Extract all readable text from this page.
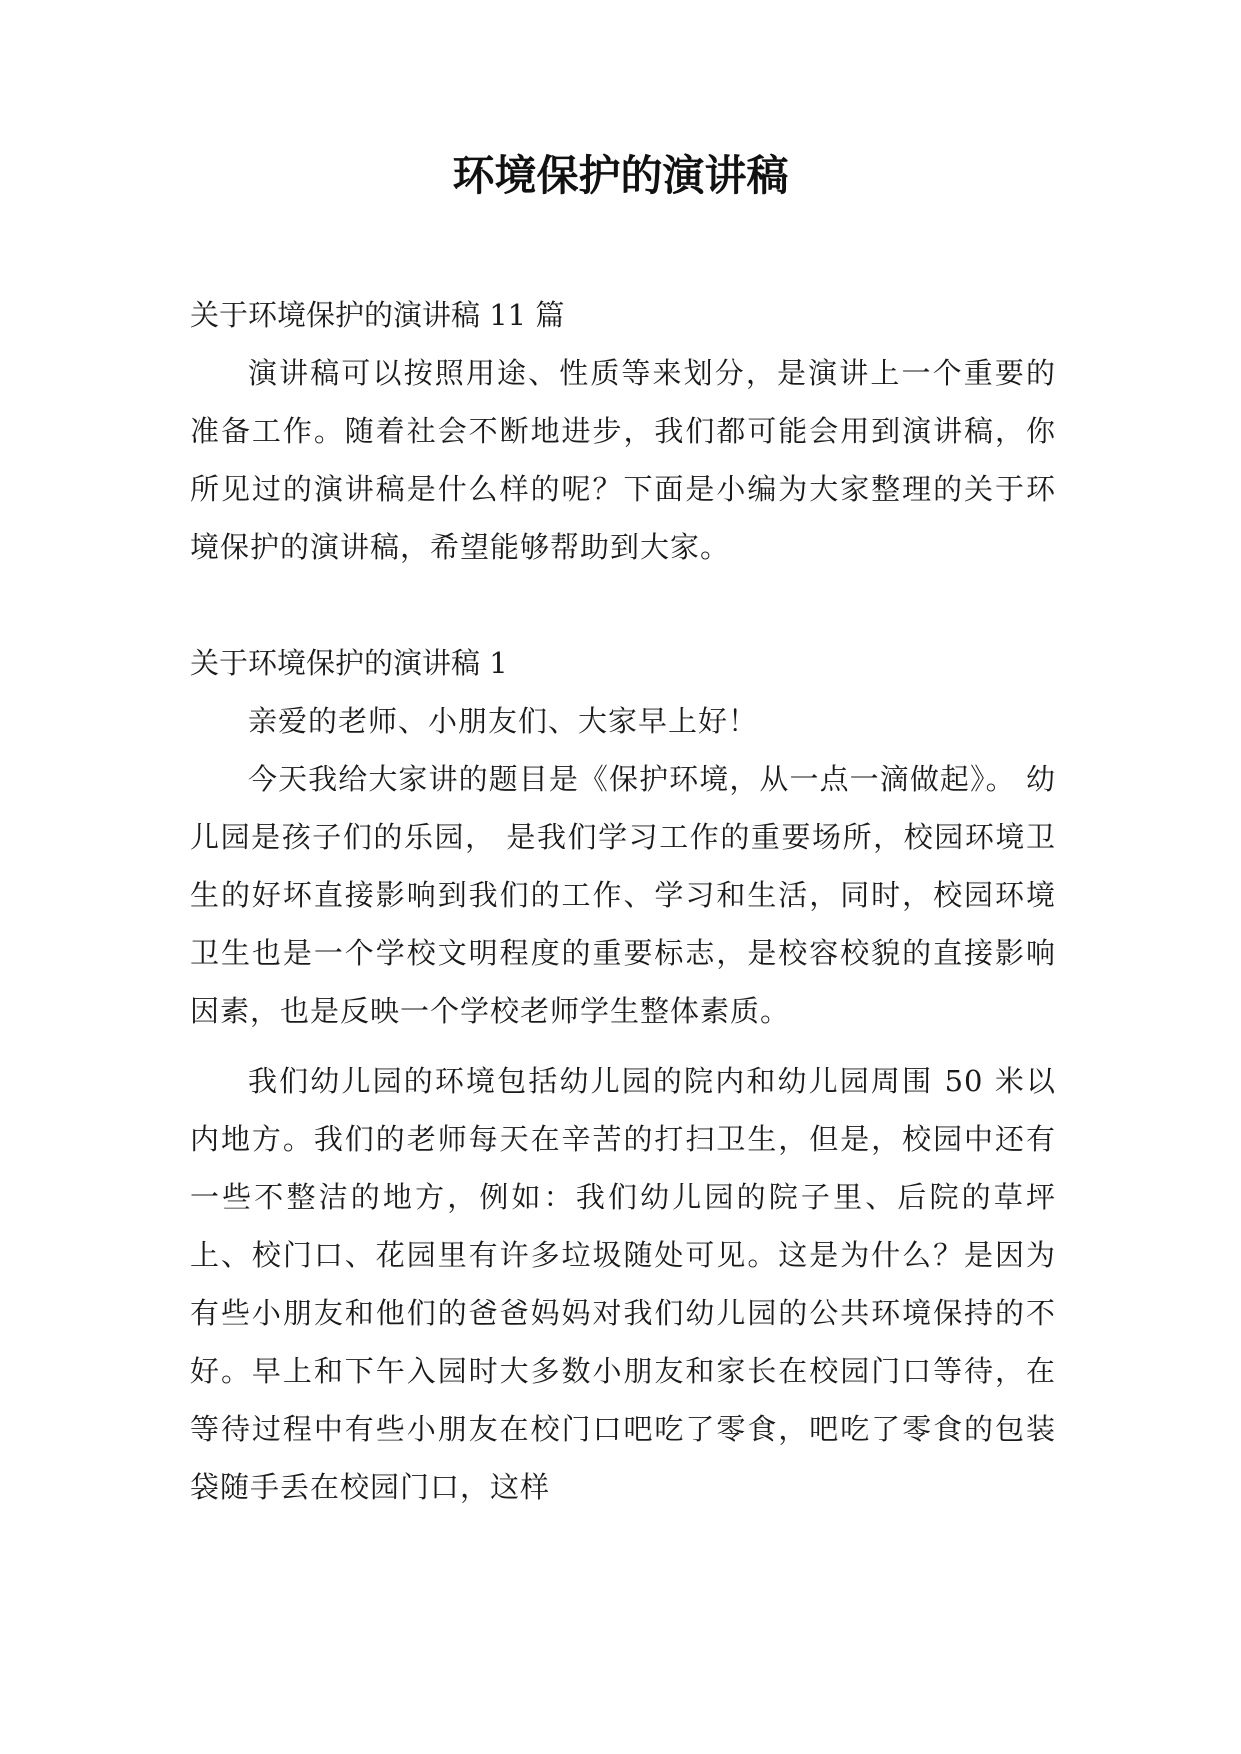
环境保护的演讲稿

关于环境保护的演讲稿 11 篇

演讲稿可以按照用途、性质等来划分，是演讲上一个重要的准备工作。随着社会不断地进步，我们都可能会用到演讲稿，你所见过的演讲稿是什么样的呢？下面是小编为大家整理的关于环境保护的演讲稿，希望能够帮助到大家。

关于环境保护的演讲稿 1

亲爱的老师、小朋友们、大家早上好！

今天我给大家讲的题目是《保护环境，从一点一滴做起》。 幼儿园是孩子们的乐园， 是我们学习工作的重要场所，校园环境卫生的好坏直接影响到我们的工作、学习和生活，同时，校园环境卫生也是一个学校文明程度的重要标志，是校容校貌的直接影响因素，也是反映一个学校老师学生整体素质。

我们幼儿园的环境包括幼儿园的院内和幼儿园周围 50 米以内地方。我们的老师每天在辛苦的打扫卫生，但是，校园中还有一些不整洁的地方，例如：我们幼儿园的院子里、后院的草坪上、校门口、花园里有许多垃圾随处可见。这是为什么？是因为 有些小朋友和他们的爸爸妈妈对我们幼儿园的公共环境保持的不好。早上和下午入园时大多数小朋友和家长在校园门口等待，在等待过程中有些小朋友在校门口吧吃了零食，吧吃了零食的包装袋随手丢在校园门口，这样
